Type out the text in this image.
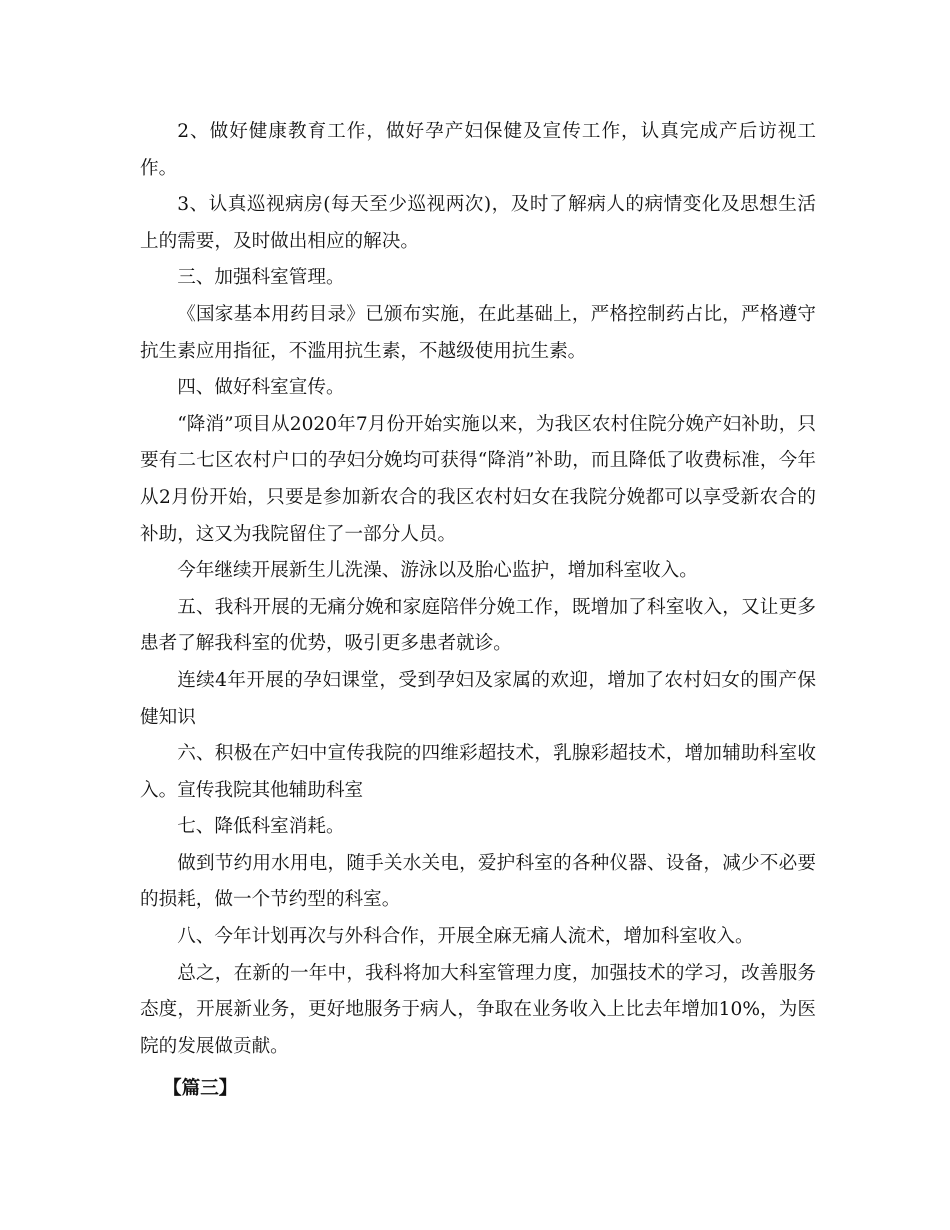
2、做好健康教育工作，做好孕产妇保健及宣传工作，认真完成产后访视工作。

3、认真巡视病房(每天至少巡视两次)，及时了解病人的病情变化及思想生活上的需要，及时做出相应的解决。

三、加强科室管理。

《国家基本用药目录》已颁布实施，在此基础上，严格控制药占比，严格遵守抗生素应用指征，不滥用抗生素，不越级使用抗生素。

四、做好科室宣传。

“降消”项目从2020年7月份开始实施以来，为我区农村住院分娩产妇补助，只要有二七区农村户口的孕妇分娩均可获得“降消”补助，而且降低了收费标准，今年从2月份开始，只要是参加新农合的我区农村妇女在我院分娩都可以享受新农合的补助，这又为我院留住了一部分人员。

今年继续开展新生儿洗澡、游泳以及胎心监护，增加科室收入。

五、我科开展的无痛分娩和家庭陪伴分娩工作，既增加了科室收入，又让更多患者了解我科室的优势，吸引更多患者就诊。

连续4年开展的孕妇课堂，受到孕妇及家属的欢迎，增加了农村妇女的围产保健知识

六、积极在产妇中宣传我院的四维彩超技术，乳腺彩超技术，增加辅助科室收入。宣传我院其他辅助科室

七、降低科室消耗。

做到节约用水用电，随手关水关电，爱护科室的各种仪器、设备，减少不必要的损耗，做一个节约型的科室。

八、今年计划再次与外科合作，开展全麻无痛人流术，增加科室收入。

总之，在新的一年中，我科将加大科室管理力度，加强技术的学习，改善服务态度，开展新业务，更好地服务于病人，争取在业务收入上比去年增加10%，为医院的发展做贡献。

【篇三】
